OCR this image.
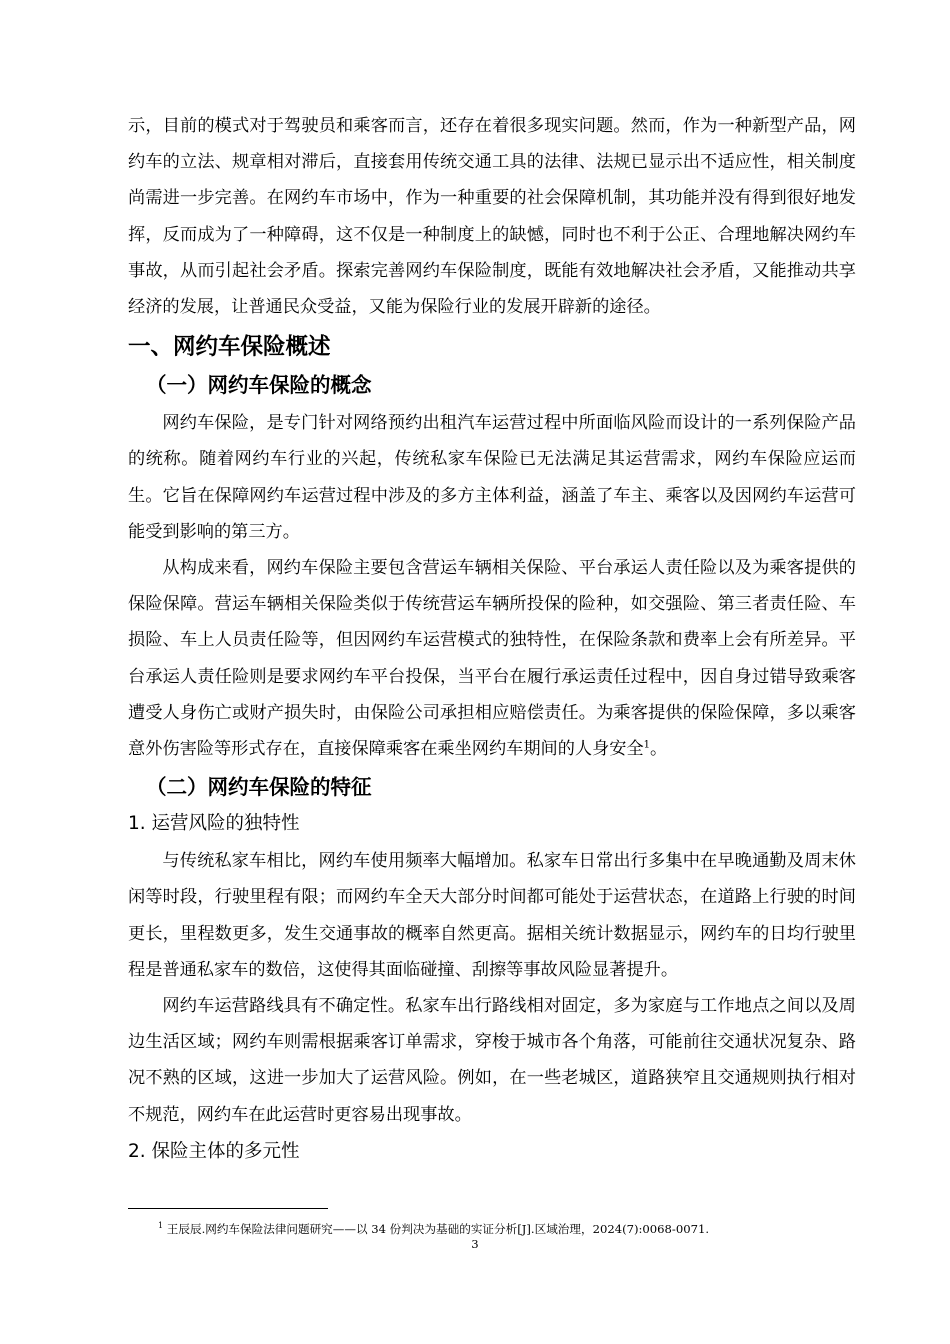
示，目前的模式对于驾驶员和乘客而言，还存在着很多现实问题。然而，作为一种新型产品，网约车的立法、规章相对滞后，直接套用传统交通工具的法律、法规已显示出不适应性，相关制度尚需进一步完善。在网约车市场中，作为一种重要的社会保障机制，其功能并没有得到很好地发挥，反而成为了一种障碍，这不仅是一种制度上的缺憾，同时也不利于公正、合理地解决网约车事故，从而引起社会矛盾。探索完善网约车保险制度，既能有效地解决社会矛盾，又能推动共享经济的发展，让普通民众受益，又能为保险行业的发展开辟新的途径。

一、网约车保险概述
（一）网约车保险的概念

网约车保险，是专门针对网络预约出租汽车运营过程中所面临风险而设计的一系列保险产品的统称。随着网约车行业的兴起，传统私家车保险已无法满足其运营需求，网约车保险应运而生。它旨在保障网约车运营过程中涉及的多方主体利益，涵盖了车主、乘客以及因网约车运营可能受到影响的第三方。

从构成来看，网约车保险主要包含营运车辆相关保险、平台承运人责任险以及为乘客提供的保险保障。营运车辆相关保险类似于传统营运车辆所投保的险种，如交强险、第三者责任险、车损险、车上人员责任险等，但因网约车运营模式的独特性，在保险条款和费率上会有所差异。平台承运人责任险则是要求网约车平台投保，当平台在履行承运责任过程中，因自身过错导致乘客遭受人身伤亡或财产损失时，由保险公司承担相应赔偿责任。为乘客提供的保险保障，多以乘客意外伤害险等形式存在，直接保障乘客在乘坐网约车期间的人身安全$^1$。

（二）网约车保险的特征
1. 运营风险的独特性

与传统私家车相比，网约车使用频率大幅增加。私家车日常出行多集中在早晚通勤及周末休闲等时段，行驶里程有限；而网约车全天大部分时间都可能处于运营状态，在道路上行驶的时间更长，里程数更多，发生交通事故的概率自然更高。据相关统计数据显示，网约车的日均行驶里程是普通私家车的数倍，这使得其面临碰撞、刮擦等事故风险显著提升。

网约车运营路线具有不确定性。私家车出行路线相对固定，多为家庭与工作地点之间以及周边生活区域；网约车则需根据乘客订单需求，穿梭于城市各个角落，可能前往交通状况复杂、路况不熟的区域，这进一步加大了运营风险。例如，在一些老城区，道路狭窄且交通规则执行相对不规范，网约车在此运营时更容易出现事故。

2. 保险主体的多元性
$^1$ 王辰辰.网约车保险法律问题研究——以 34 份判决为基础的实证分析[J].区域治理，2024(7):0068-0071.
3
